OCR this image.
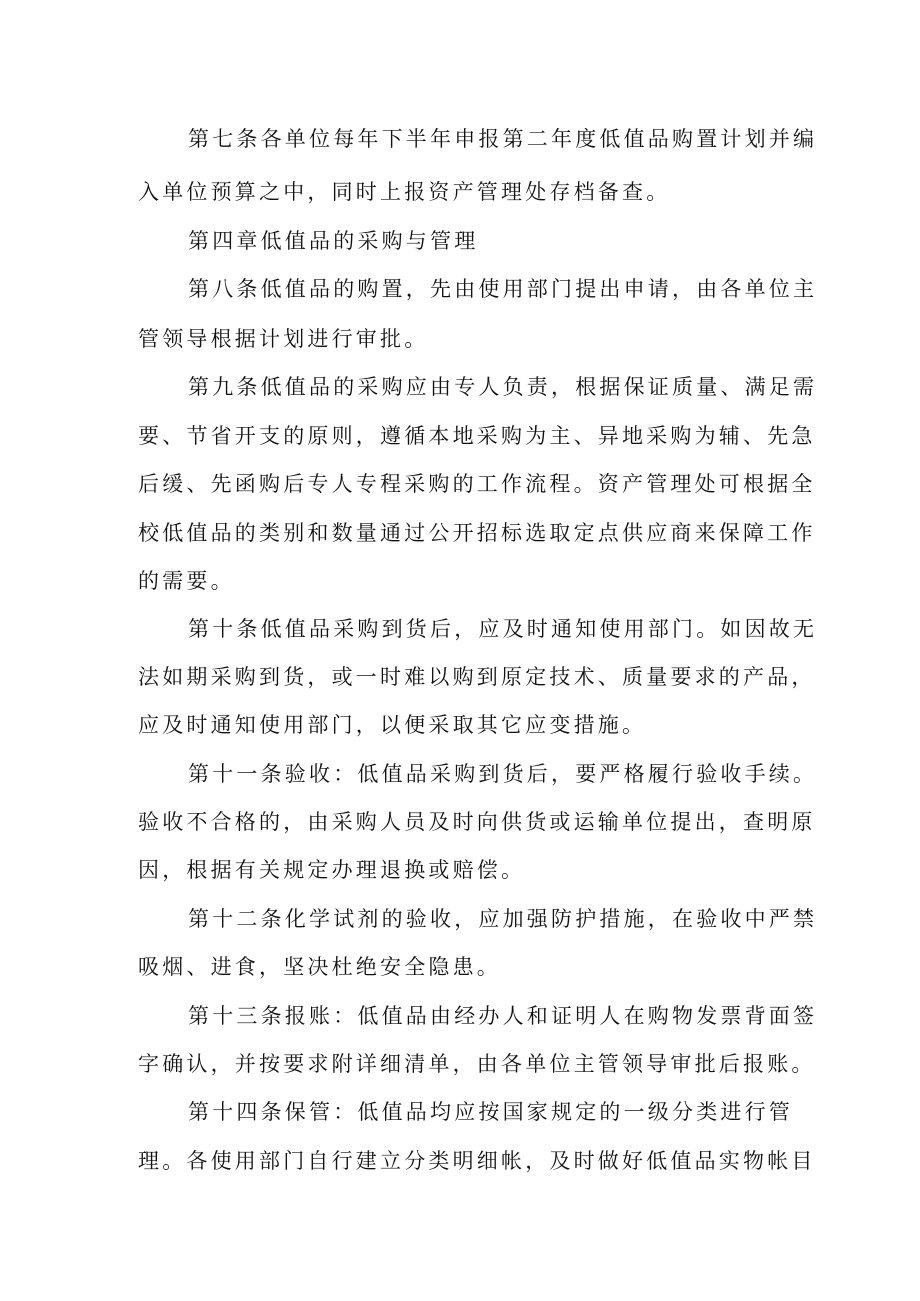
第七条各单位每年下半年申报第二年度低值品购置计划并编
入单位预算之中，同时上报资产管理处存档备查。
第四章低值品的采购与管理
第八条低值品的购置，先由使用部门提出申请，由各单位主
管领导根据计划进行审批。
第九条低值品的采购应由专人负责，根据保证质量、满足需
要、节省开支的原则，遵循本地采购为主、异地采购为辅、先急
后缓、先函购后专人专程采购的工作流程。资产管理处可根据全
校低值品的类别和数量通过公开招标选取定点供应商来保障工作
的需要。
第十条低值品采购到货后，应及时通知使用部门。如因故无
法如期采购到货，或一时难以购到原定技术、质量要求的产品，
应及时通知使用部门，以便采取其它应变措施。
第十一条验收：低值品采购到货后，要严格履行验收手续。
验收不合格的，由采购人员及时向供货或运输单位提出，查明原
因，根据有关规定办理退换或赔偿。
第十二条化学试剂的验收，应加强防护措施，在验收中严禁
吸烟、进食，坚决杜绝安全隐患。
第十三条报账：低值品由经办人和证明人在购物发票背面签
字确认，并按要求附详细清单，由各单位主管领导审批后报账。
第十四条保管：低值品均应按国家规定的一级分类进行管
理。各使用部门自行建立分类明细帐，及时做好低值品实物帐目
